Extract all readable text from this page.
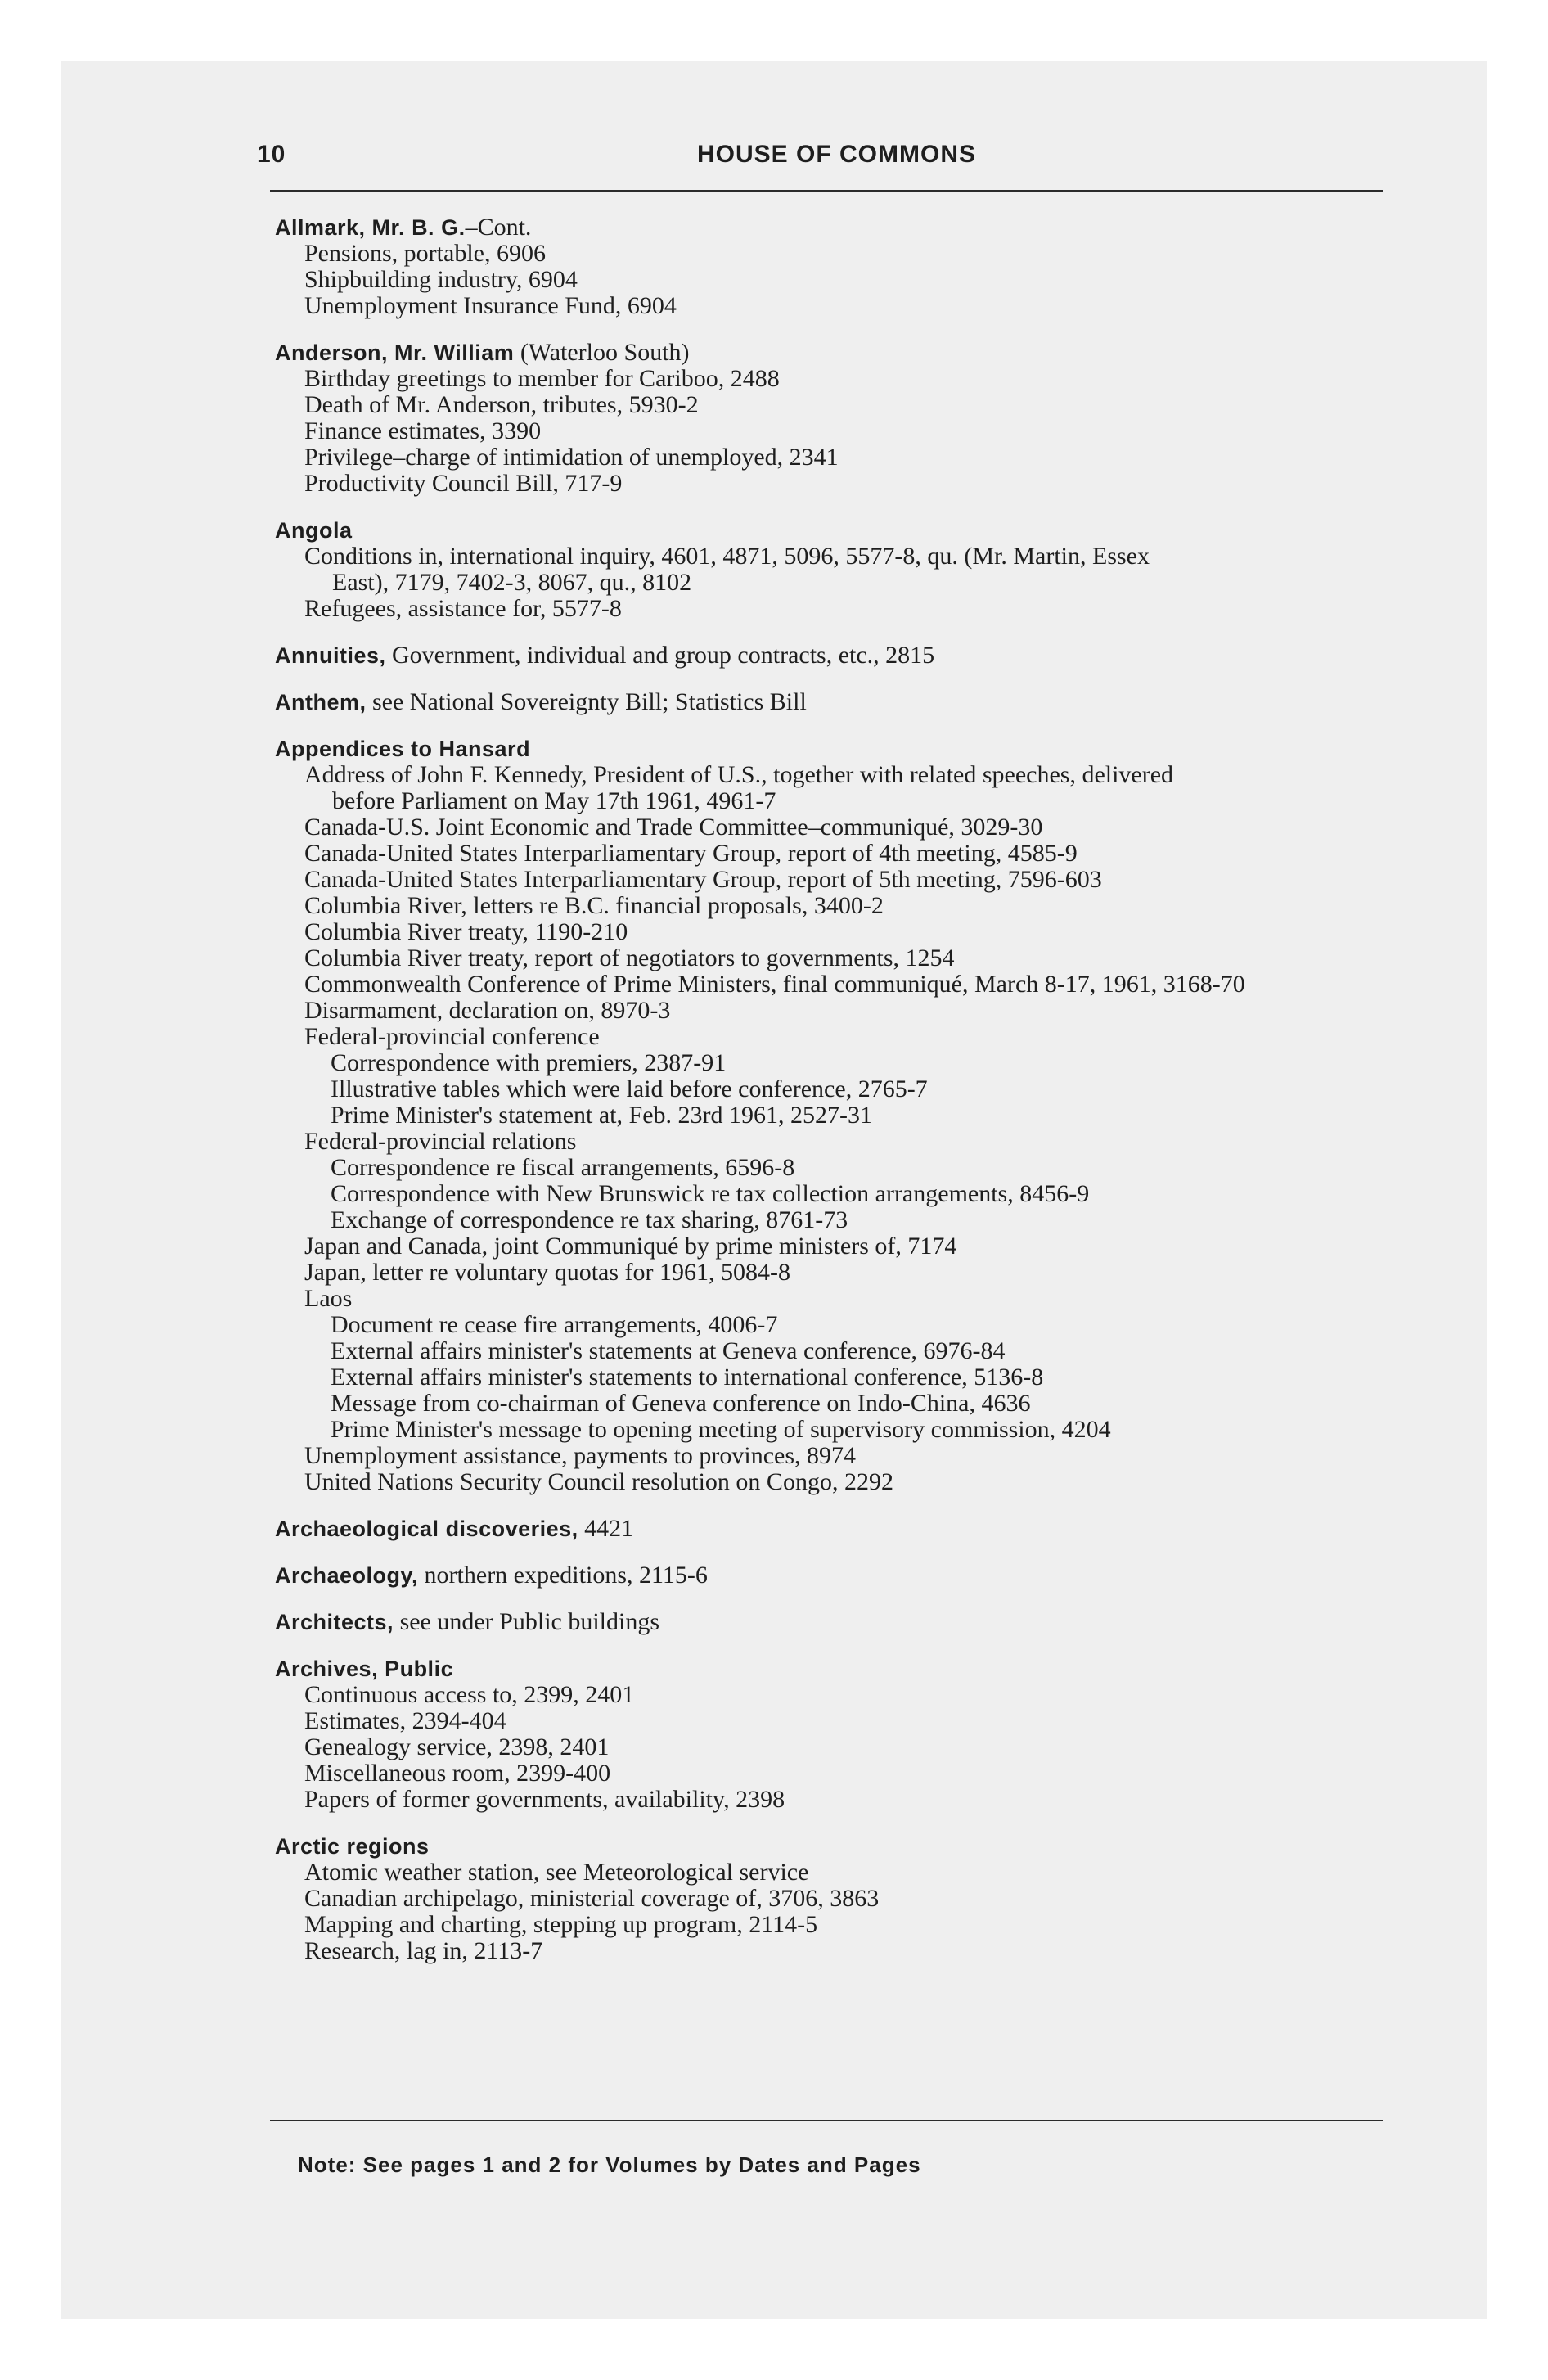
10	HOUSE OF COMMONS
Allmark, Mr. B. G.–Cont.
Pensions, portable, 6906
Shipbuilding industry, 6904
Unemployment Insurance Fund, 6904
Anderson, Mr. William (Waterloo South)
Birthday greetings to member for Cariboo, 2488
Death of Mr. Anderson, tributes, 5930-2
Finance estimates, 3390
Privilege–charge of intimidation of unemployed, 2341
Productivity Council Bill, 717-9
Angola
Conditions in, international inquiry, 4601, 4871, 5096, 5577-8, qu. (Mr. Martin, Essex
East), 7179, 7402-3, 8067, qu., 8102
Refugees, assistance for, 5577-8
Annuities, Government, individual and group contracts, etc., 2815
Anthem, see National Sovereignty Bill; Statistics Bill
Appendices to Hansard
Address of John F. Kennedy, President of U.S., together with related speeches, delivered
before Parliament on May 17th 1961, 4961-7
Canada-U.S. Joint Economic and Trade Committee–communiqué, 3029-30
Canada-United States Interparliamentary Group, report of 4th meeting, 4585-9
Canada-United States Interparliamentary Group, report of 5th meeting, 7596-603
Columbia River, letters re B.C. financial proposals, 3400-2
Columbia River treaty, 1190-210
Columbia River treaty, report of negotiators to governments, 1254
Commonwealth Conference of Prime Ministers, final communiqué, March 8-17, 1961, 3168-70
Disarmament, declaration on, 8970-3
Federal-provincial conference
Correspondence with premiers, 2387-91
Illustrative tables which were laid before conference, 2765-7
Prime Minister's statement at, Feb. 23rd 1961, 2527-31
Federal-provincial relations
Correspondence re fiscal arrangements, 6596-8
Correspondence with New Brunswick re tax collection arrangements, 8456-9
Exchange of correspondence re tax sharing, 8761-73
Japan and Canada, joint Communiqué by prime ministers of, 7174
Japan, letter re voluntary quotas for 1961, 5084-8
Laos
Document re cease fire arrangements, 4006-7
External affairs minister's statements at Geneva conference, 6976-84
External affairs minister's statements to international conference, 5136-8
Message from co-chairman of Geneva conference on Indo-China, 4636
Prime Minister's message to opening meeting of supervisory commission, 4204
Unemployment assistance, payments to provinces, 8974
United Nations Security Council resolution on Congo, 2292
Archaeological discoveries, 4421
Archaeology, northern expeditions, 2115-6
Architects, see under Public buildings
Archives, Public
Continuous access to, 2399, 2401
Estimates, 2394-404
Genealogy service, 2398, 2401
Miscellaneous room, 2399-400
Papers of former governments, availability, 2398
Arctic regions
Atomic weather station, see Meteorological service
Canadian archipelago, ministerial coverage of, 3706, 3863
Mapping and charting, stepping up program, 2114-5
Research, lag in, 2113-7
Note: See pages 1 and 2 for Volumes by Dates and Pages
